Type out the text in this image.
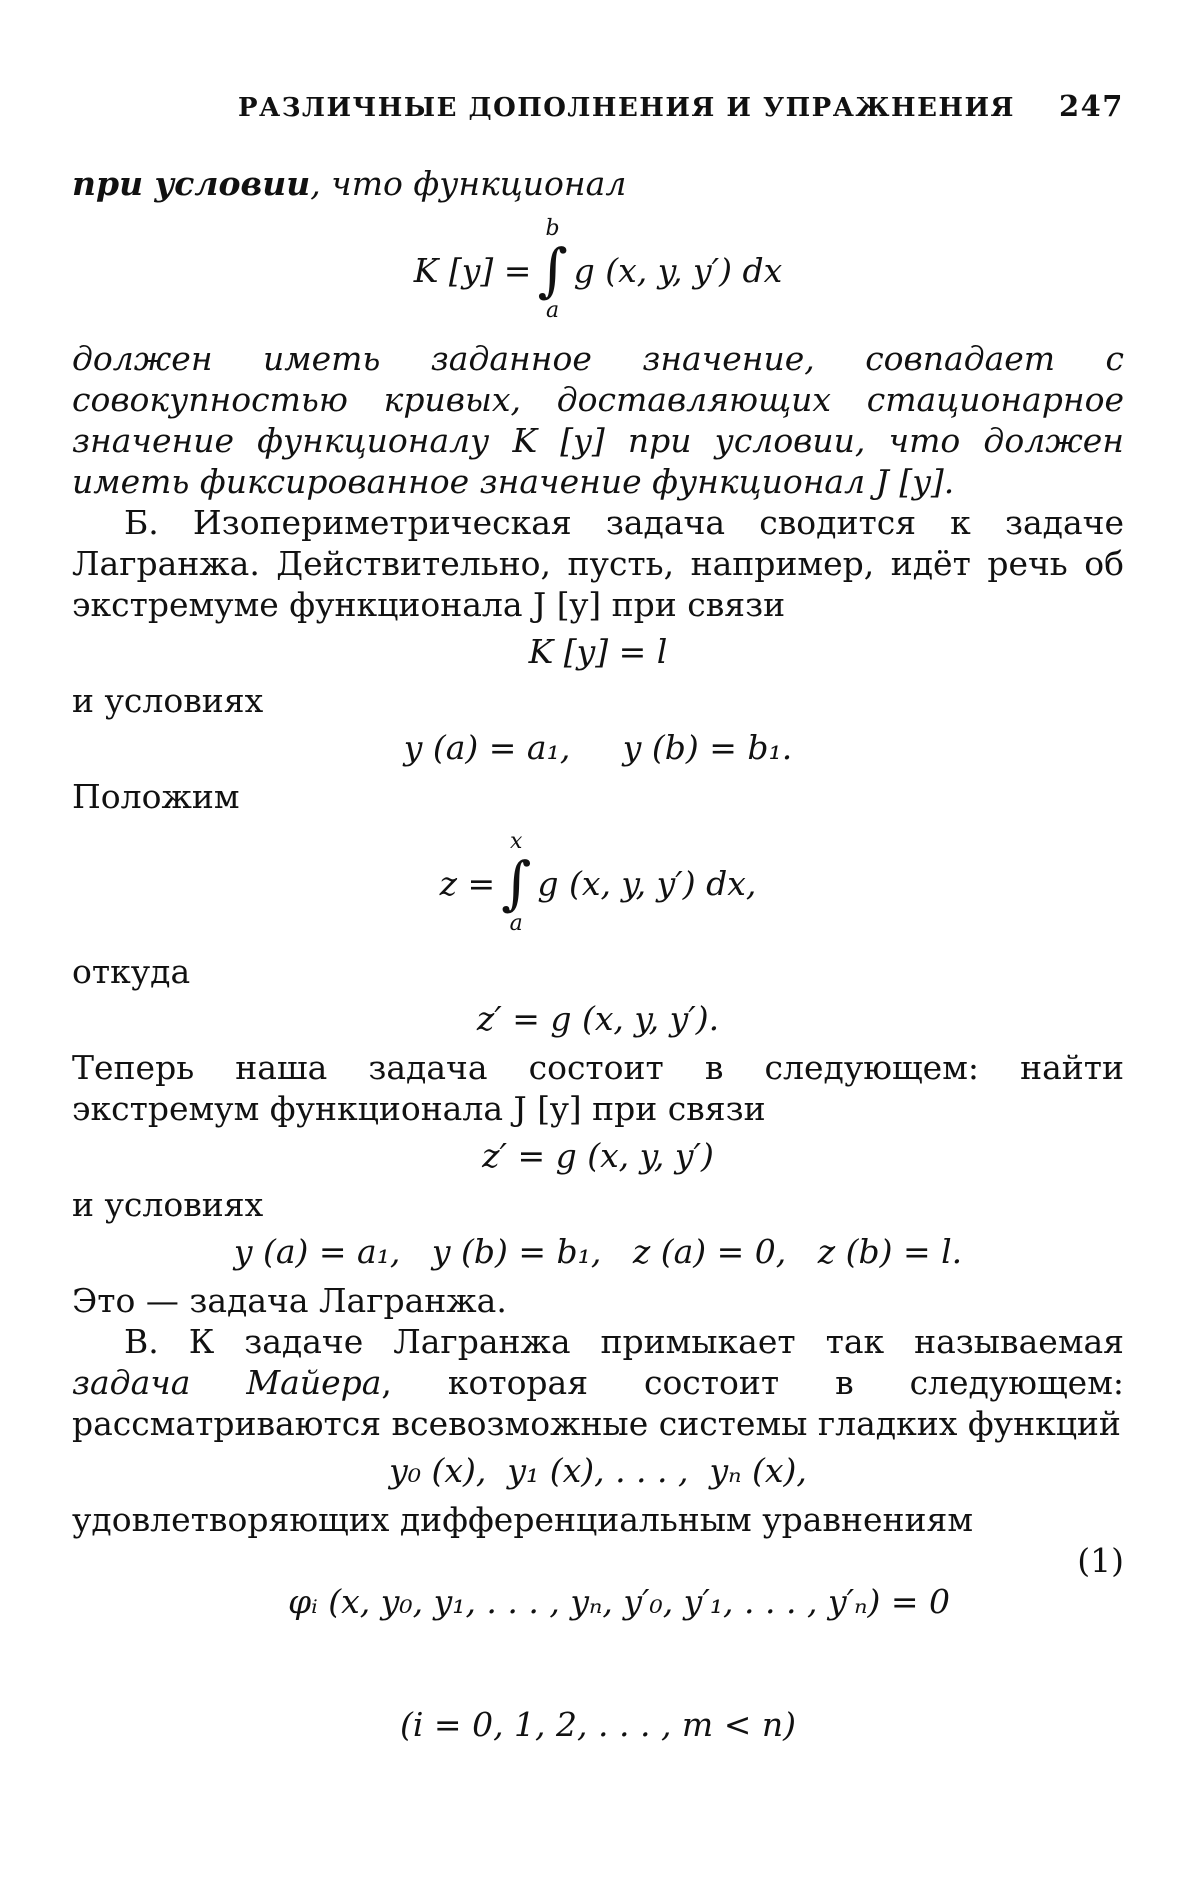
РАЗЛИЧНЫЕ ДОПОЛНЕНИЯ И УПРАЖНЕНИЯ 247

при условии, что функционал

K [y] =
b
∫
a
g (x, y, y′) dx

должен иметь заданное значение, совпадает с совокупностью кривых, доставляющих стационарное значение функционалу K [y] при условии, что должен иметь фиксированное значение функционал J [y].

Б. Изопериметрическая задача сводится к задаче Лагранжа. Действительно, пусть, например, идёт речь об экстремуме функционала J [y] при связи

K [y] = l

и условиях

y (a) = a₁,     y (b) = b₁.

Положим

z =
x
∫
a
g (x, y, y′) dx,

откуда

z′ = g (x, y, y′).

Теперь наша задача состоит в следующем: найти экстремум функционала J [y] при связи

z′ = g (x, y, y′)

и условиях

y (a) = a₁,   y (b) = b₁,   z (a) = 0,   z (b) = l.

Это — задача Лагранжа.

В. К задаче Лагранжа примыкает так называемая задача Майера, которая состоит в следующем: рассматриваются всевозможные системы гладких функций

y₀ (x),  y₁ (x), . . . ,  yₙ (x),

удовлетворяющих дифференциальным уравнениям

φᵢ (x, y₀, y₁, . . . , yₙ, y′₀, y′₁, . . . , y′ₙ) = 0

(1)

(i = 0, 1, 2, . . . , m < n)
